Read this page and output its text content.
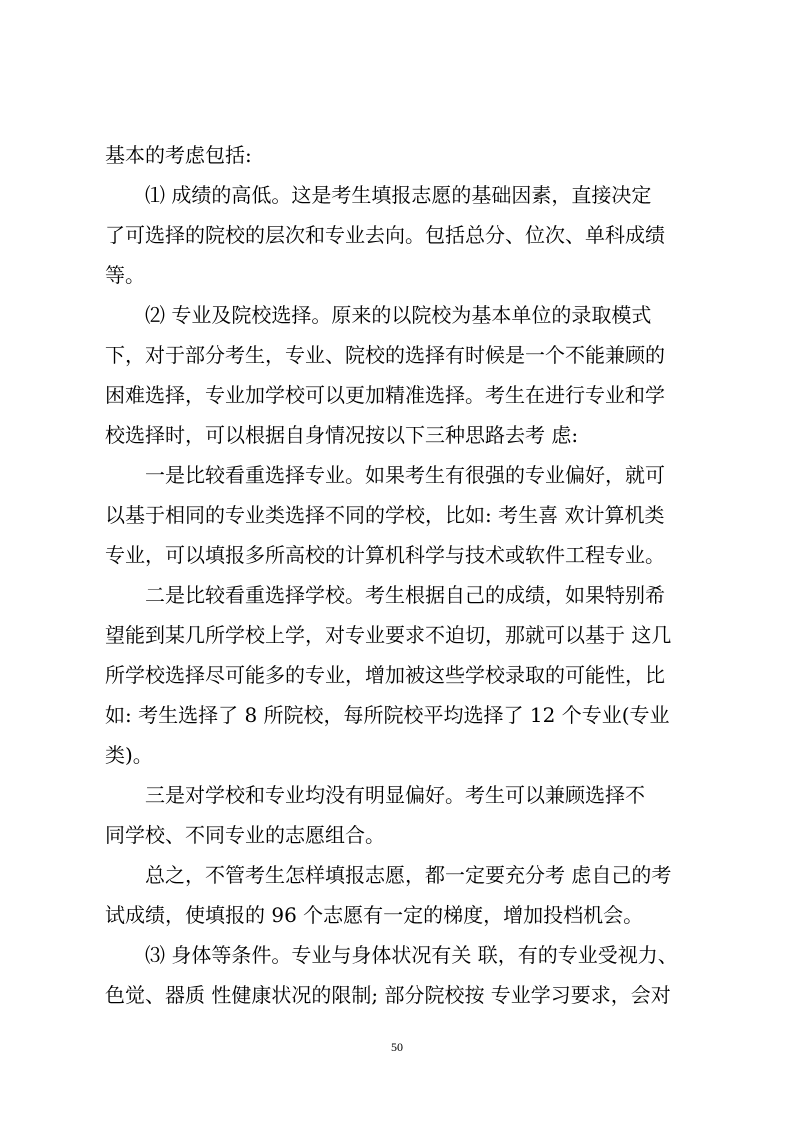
基本的考虑包括:

⑴ 成绩的高低。这是考生填报志愿的基础因素，直接决定

了可选择的院校的层次和专业去向。包括总分、位次、单科成绩

等。

⑵ 专业及院校选择。原来的以院校为基本单位的录取模式

下，对于部分考生，专业、院校的选择有时候是一个不能兼顾的

困难选择，专业加学校可以更加精准选择。考生在进行专业和学

校选择时，可以根据自身情况按以下三种思路去考 虑:

一是比较看重选择专业。如果考生有很强的专业偏好，就可

以基于相同的专业类选择不同的学校，比如: 考生喜 欢计算机类

专业，可以填报多所高校的计算机科学与技术或软件工程专业。

二是比较看重选择学校。考生根据自己的成绩，如果特别希

望能到某几所学校上学，对专业要求不迫切，那就可以基于 这几

所学校选择尽可能多的专业，增加被这些学校录取的可能性，比

如: 考生选择了 8 所院校，每所院校平均选择了 12 个专业(专业

类)。

三是对学校和专业均没有明显偏好。考生可以兼顾选择不

同学校、不同专业的志愿组合。

总之，不管考生怎样填报志愿，都一定要充分考 虑自己的考

试成绩，使填报的 96 个志愿有一定的梯度，增加投档机会。

⑶ 身体等条件。专业与身体状况有关 联，有的专业受视力、

色觉、器质 性健康状况的限制; 部分院校按 专业学习要求，会对

50
